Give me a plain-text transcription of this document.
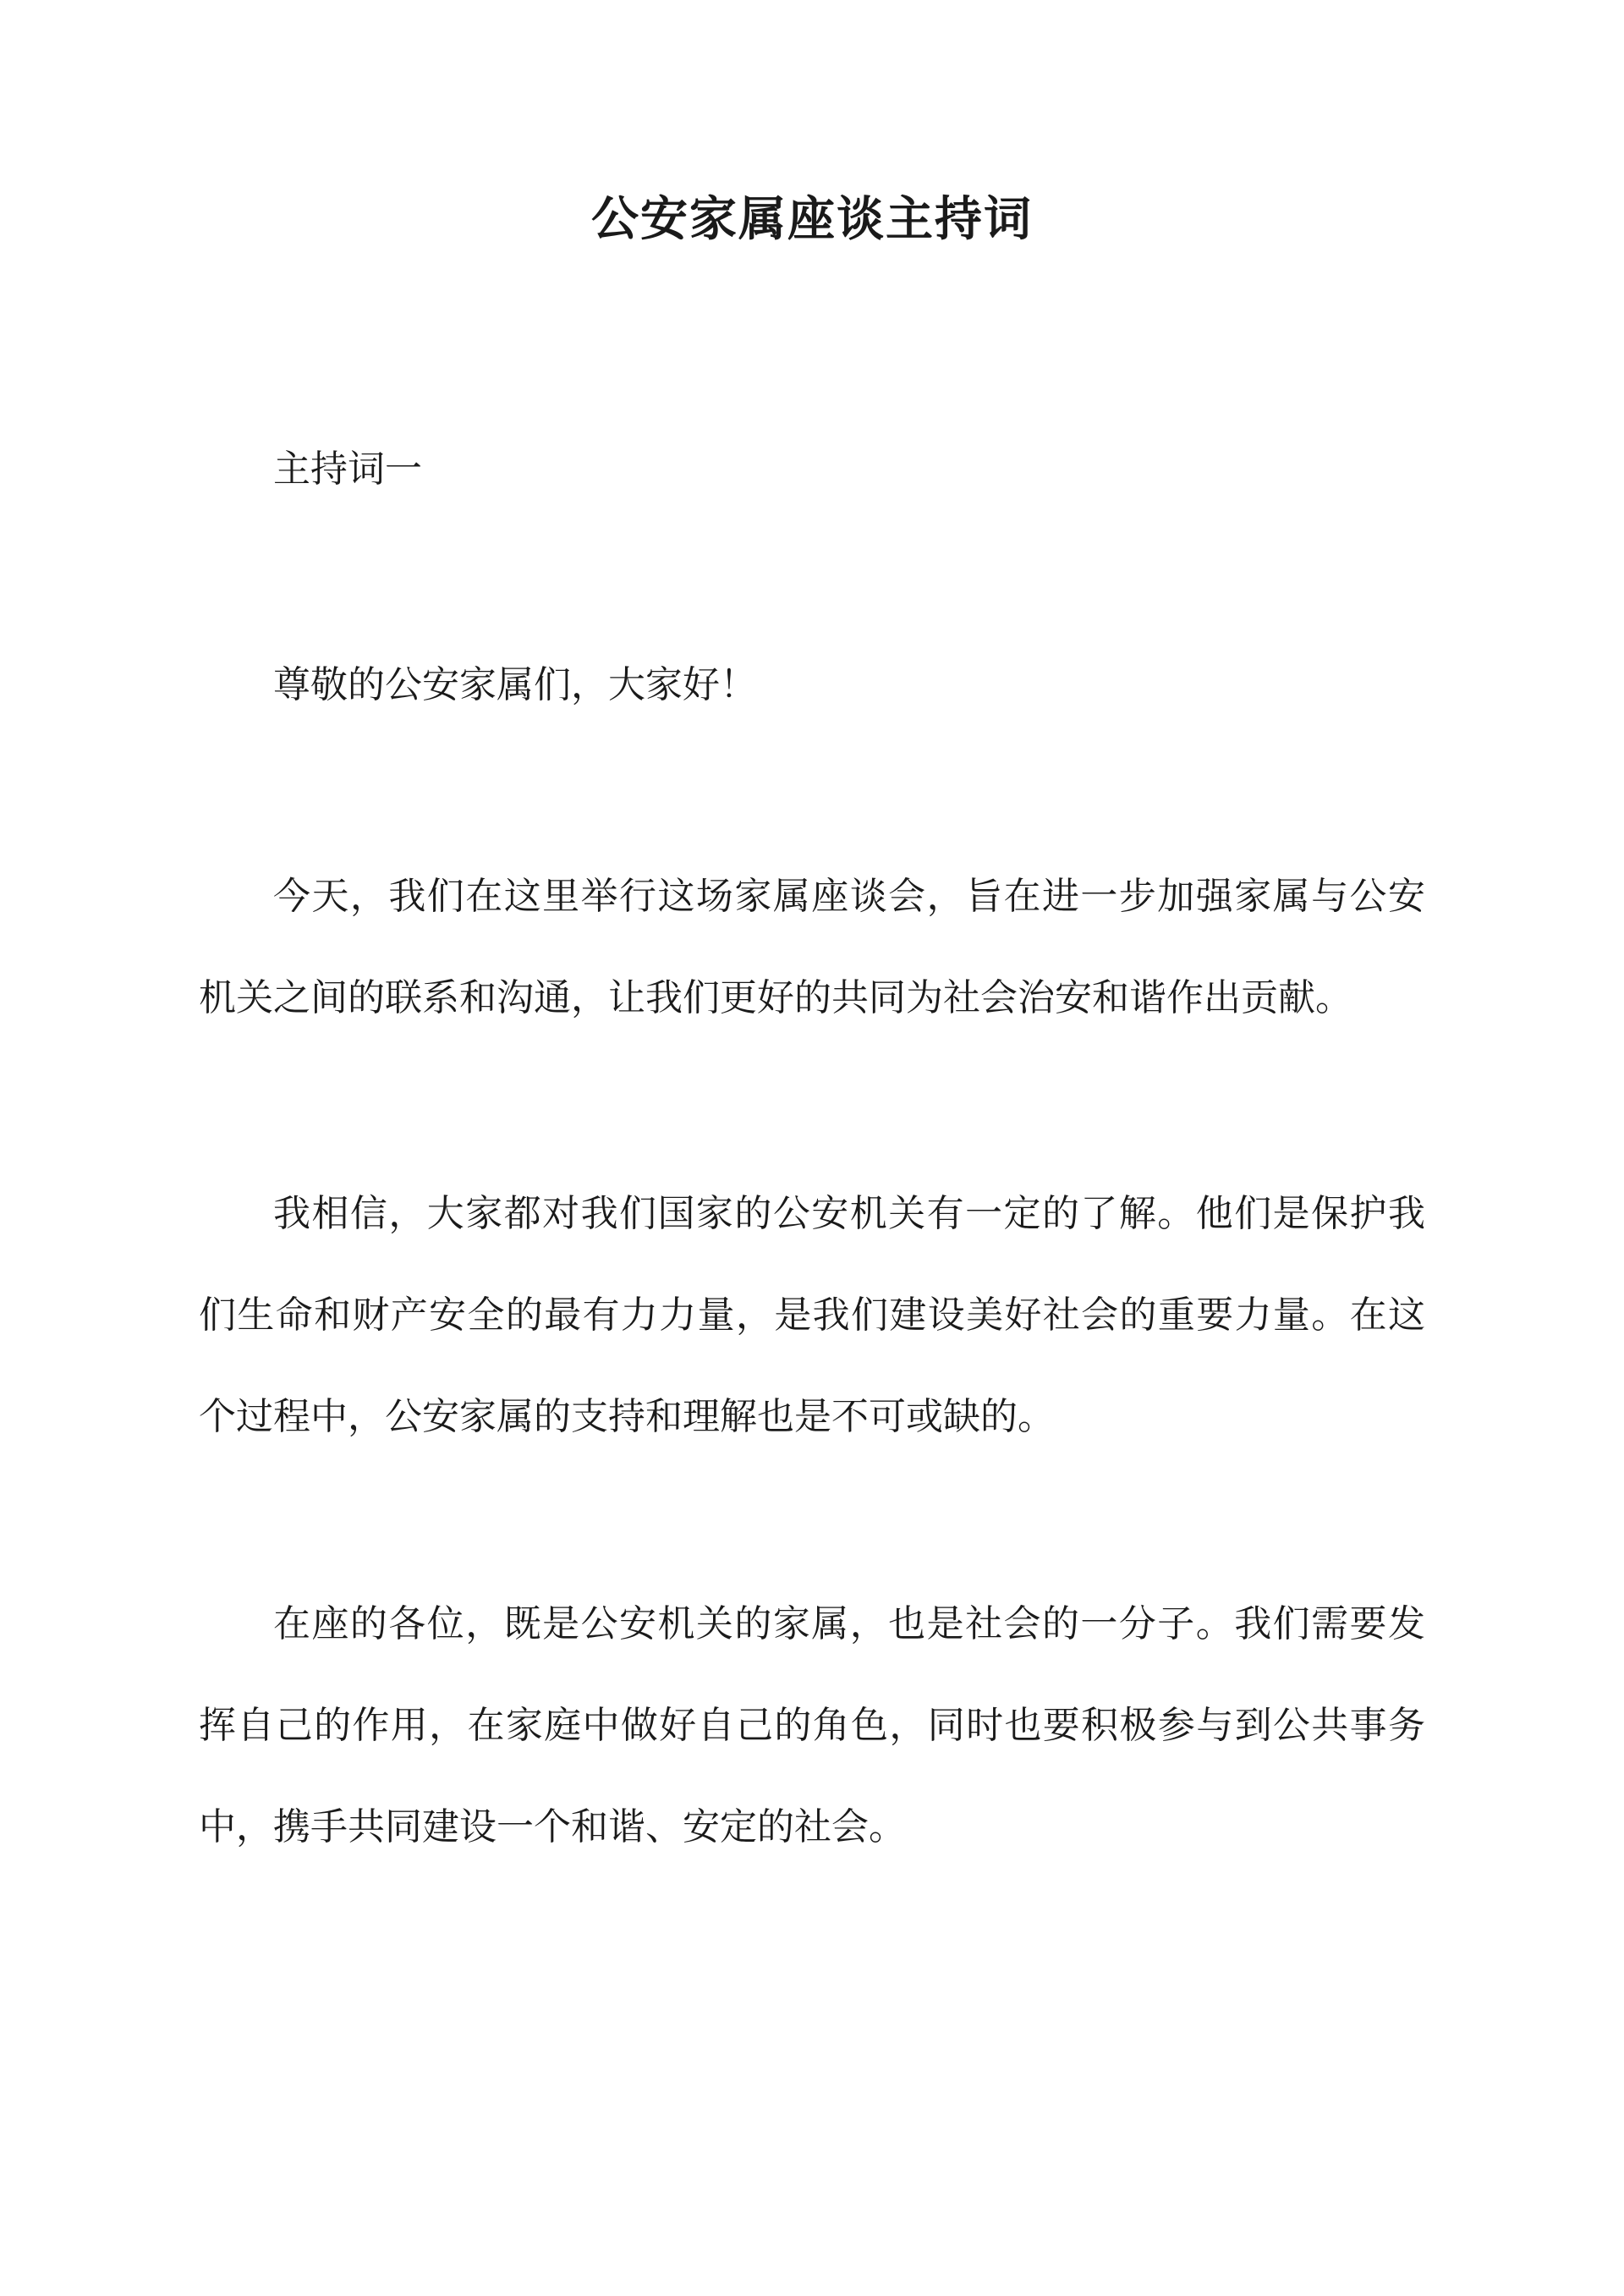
公安家属座谈主持词

主持词一

尊敬的公安家属们，大家好！

今天，我们在这里举行这场家属座谈会，旨在进一步加强家属与公安机关之间的联系和沟通，让我们更好的共同为社会治安和谐作出贡献。

我相信，大家都对我们国家的公安机关有一定的了解。他们是保护我们生命和财产安全的最有力力量，是我们建设美好社会的重要力量。在这个过程中，公安家属的支持和理解也是不可或缺的。

在座的各位，既是公安机关的家属，也是社会的一分子。我们需要发挥自己的作用，在家庭中做好自己的角色，同时也要积极参与到公共事务中，携手共同建设一个和谐、安定的社会。
